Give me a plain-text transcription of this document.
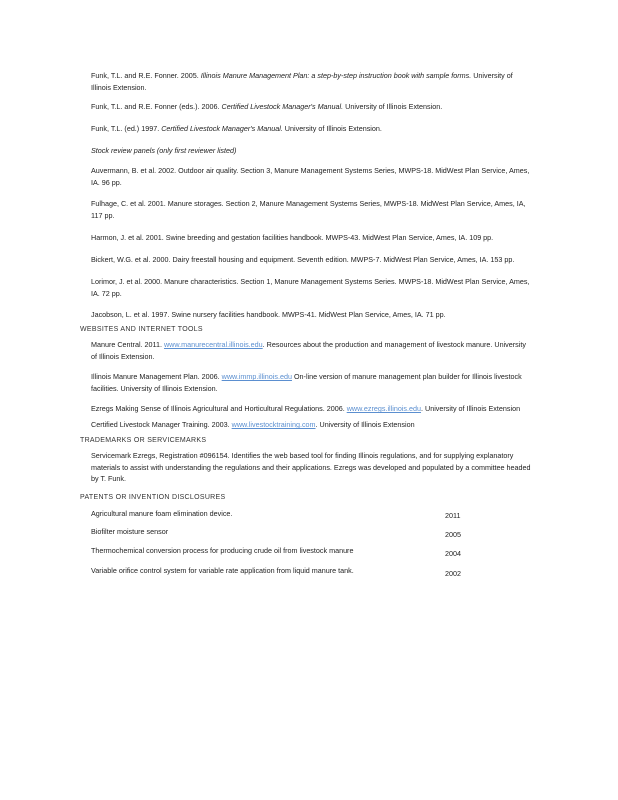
Funk, T.L. and R.E. Fonner. 2005. Illinois Manure Management Plan: a step-by-step instruction book with sample forms. University of Illinois Extension.
Funk, T.L. and R.E. Fonner (eds.). 2006. Certified Livestock Manager's Manual. University of Illinois Extension.
Funk, T.L. (ed.) 1997. Certified Livestock Manager's Manual. University of Illinois Extension.
Stock review panels (only first reviewer listed)
Auvermann, B. et al. 2002. Outdoor air quality. Section 3, Manure Management Systems Series, MWPS-18. MidWest Plan Service, Ames, IA. 96 pp.
Fulhage, C. et al. 2001. Manure storages. Section 2, Manure Management Systems Series, MWPS-18. MidWest Plan Service, Ames, IA, 117 pp.
Harmon, J. et al. 2001. Swine breeding and gestation facilities handbook. MWPS-43. MidWest Plan Service, Ames, IA. 109 pp.
Bickert, W.G. et al. 2000. Dairy freestall housing and equipment. Seventh edition. MWPS-7. MidWest Plan Service, Ames, IA. 153 pp.
Lorimor, J. et al. 2000. Manure characteristics. Section 1, Manure Management Systems Series. MWPS-18. MidWest Plan Service, Ames, IA. 72 pp.
Jacobson, L. et al. 1997. Swine nursery facilities handbook. MWPS-41. MidWest Plan Service, Ames, IA. 71 pp.
WEBSITES AND INTERNET TOOLS
Manure Central. 2011. www.manurecentral.illinois.edu. Resources about the production and management of livestock manure. University of Illinois Extension.
Illinois Manure Management Plan. 2006. www.immp.illinois.edu On-line version of manure management plan builder for Illinois livestock facilities. University of Illinois Extension.
Ezregs Making Sense of Illinois Agricultural and Horticultural Regulations. 2006. www.ezregs.illinois.edu. University of Illinois Extension
Certified Livestock Manager Training. 2003. www.livestocktraining.com. University of Illinois Extension
TRADEMARKS OR SERVICEMARKS
Servicemark Ezregs, Registration #096154. Identifies the web based tool for finding Illinois regulations, and for supplying explanatory materials to assist with understanding the regulations and their applications. Ezregs was developed and populated by a committee headed by T. Funk.
PATENTS OR INVENTION DISCLOSURES
Agricultural manure foam elimination device.	2011
Biofilter moisture sensor	2005
Thermochemical conversion process for producing crude oil from livestock manure	2004
Variable orifice control system for variable rate application from liquid manure tank.	2002
